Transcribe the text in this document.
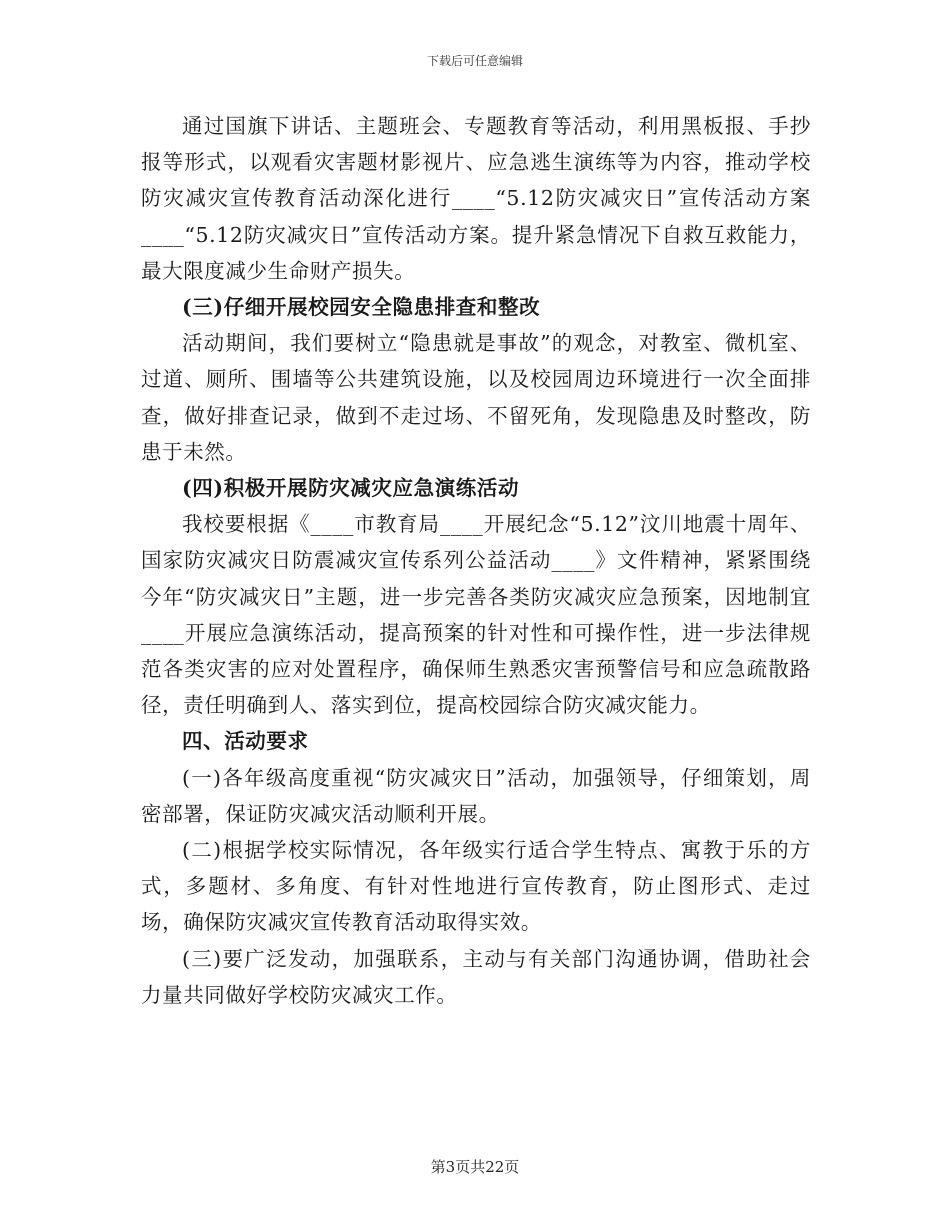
下载后可任意编辑

通过国旗下讲话、主题班会、专题教育等活动，利用黑板报、手抄报等形式，以观看灾害题材影视片、应急逃生演练等为内容，推动学校防灾减灾宣传教育活动深化进行____“5.12防灾减灾日”宣传活动方案____“5.12防灾减灾日”宣传活动方案。提升紧急情况下自救互救能力，最大限度减少生命财产损失。

(三)仔细开展校园安全隐患排查和整改

活动期间，我们要树立“隐患就是事故”的观念，对教室、微机室、过道、厕所、围墙等公共建筑设施，以及校园周边环境进行一次全面排查，做好排查记录，做到不走过场、不留死角，发现隐患及时整改，防患于未然。

(四)积极开展防灾减灾应急演练活动

我校要根据《____市教育局____开展纪念“5.12”汶川地震十周年、国家防灾减灾日防震减灾宣传系列公益活动____》文件精神，紧紧围绕今年“防灾减灾日”主题，进一步完善各类防灾减灾应急预案，因地制宜____开展应急演练活动，提高预案的针对性和可操作性，进一步法律规范各类灾害的应对处置程序，确保师生熟悉灾害预警信号和应急疏散路径，责任明确到人、落实到位，提高校园综合防灾减灾能力。

四、活动要求

(一)各年级高度重视“防灾减灾日”活动，加强领导，仔细策划，周密部署，保证防灾减灾活动顺利开展。

(二)根据学校实际情况，各年级实行适合学生特点、寓教于乐的方式，多题材、多角度、有针对性地进行宣传教育，防止图形式、走过场，确保防灾减灾宣传教育活动取得实效。

(三)要广泛发动，加强联系，主动与有关部门沟通协调，借助社会力量共同做好学校防灾减灾工作。

第3页共22页
